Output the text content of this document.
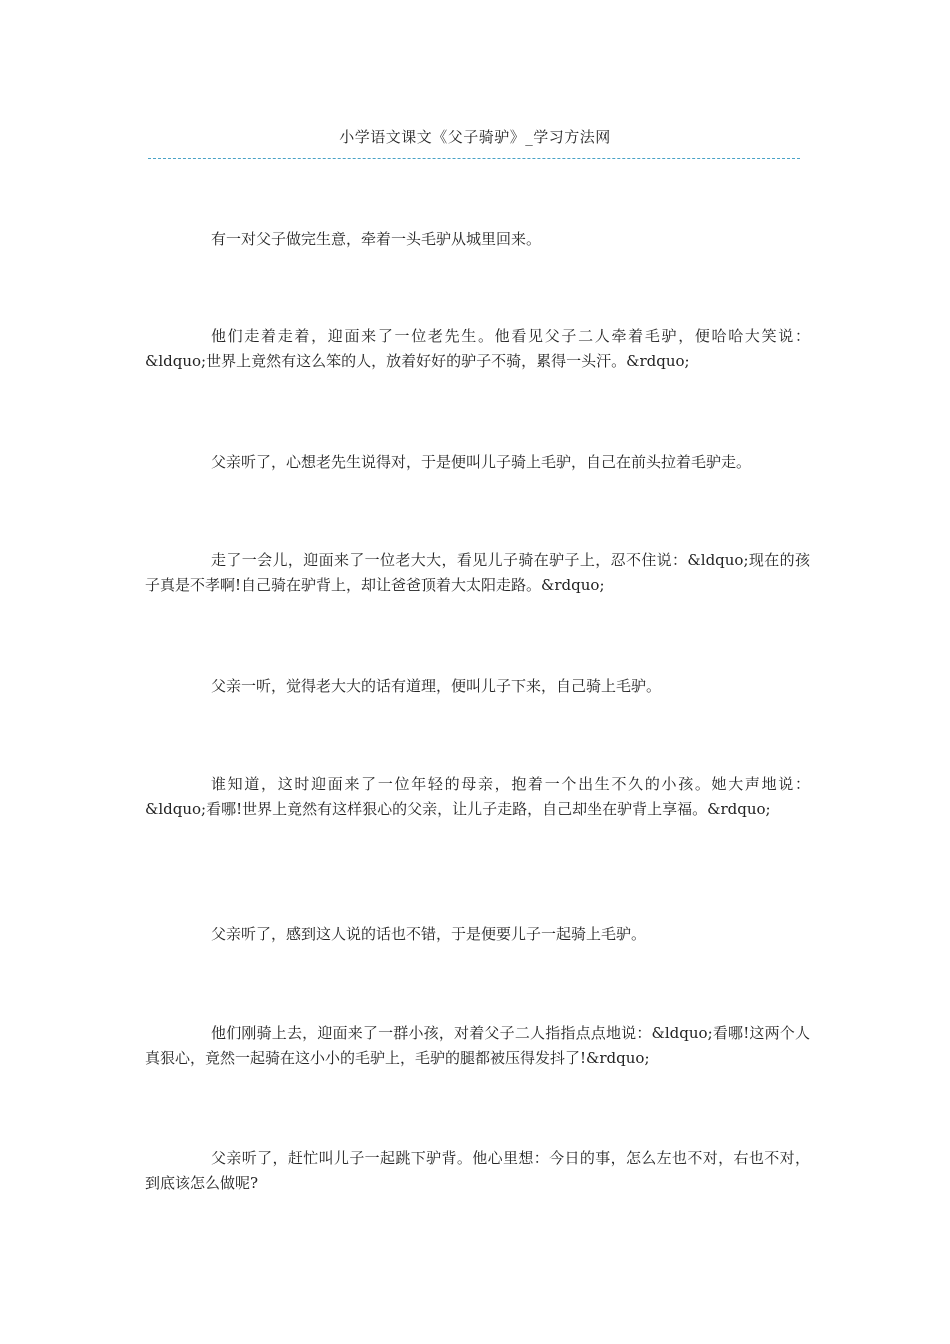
小学语文课文《父子骑驴》_学习方法网

有一对父子做完生意，牵着一头毛驴从城里回来。

他们走着走着，迎面来了一位老先生。他看见父子二人牵着毛驴，便哈哈大笑说：&ldquo;世界上竟然有这么笨的人，放着好好的驴子不骑，累得一头汗。&rdquo;

父亲听了，心想老先生说得对，于是便叫儿子骑上毛驴，自己在前头拉着毛驴走。

走了一会儿，迎面来了一位老大大，看见儿子骑在驴子上，忍不住说：&ldquo;现在的孩子真是不孝啊!自己骑在驴背上，却让爸爸顶着大太阳走路。&rdquo;

父亲一听，觉得老大大的话有道理，便叫儿子下来，自己骑上毛驴。

谁知道，这时迎面来了一位年轻的母亲，抱着一个出生不久的小孩。她大声地说：&ldquo;看哪!世界上竟然有这样狠心的父亲，让儿子走路，自己却坐在驴背上享福。&rdquo;

父亲听了，感到这人说的话也不错，于是便要儿子一起骑上毛驴。

他们刚骑上去，迎面来了一群小孩，对着父子二人指指点点地说：&ldquo;看哪!这两个人真狠心，竟然一起骑在这小小的毛驴上，毛驴的腿都被压得发抖了!&rdquo;

父亲听了，赶忙叫儿子一起跳下驴背。他心里想：今日的事，怎么左也不对，右也不对，到底该怎么做呢?
